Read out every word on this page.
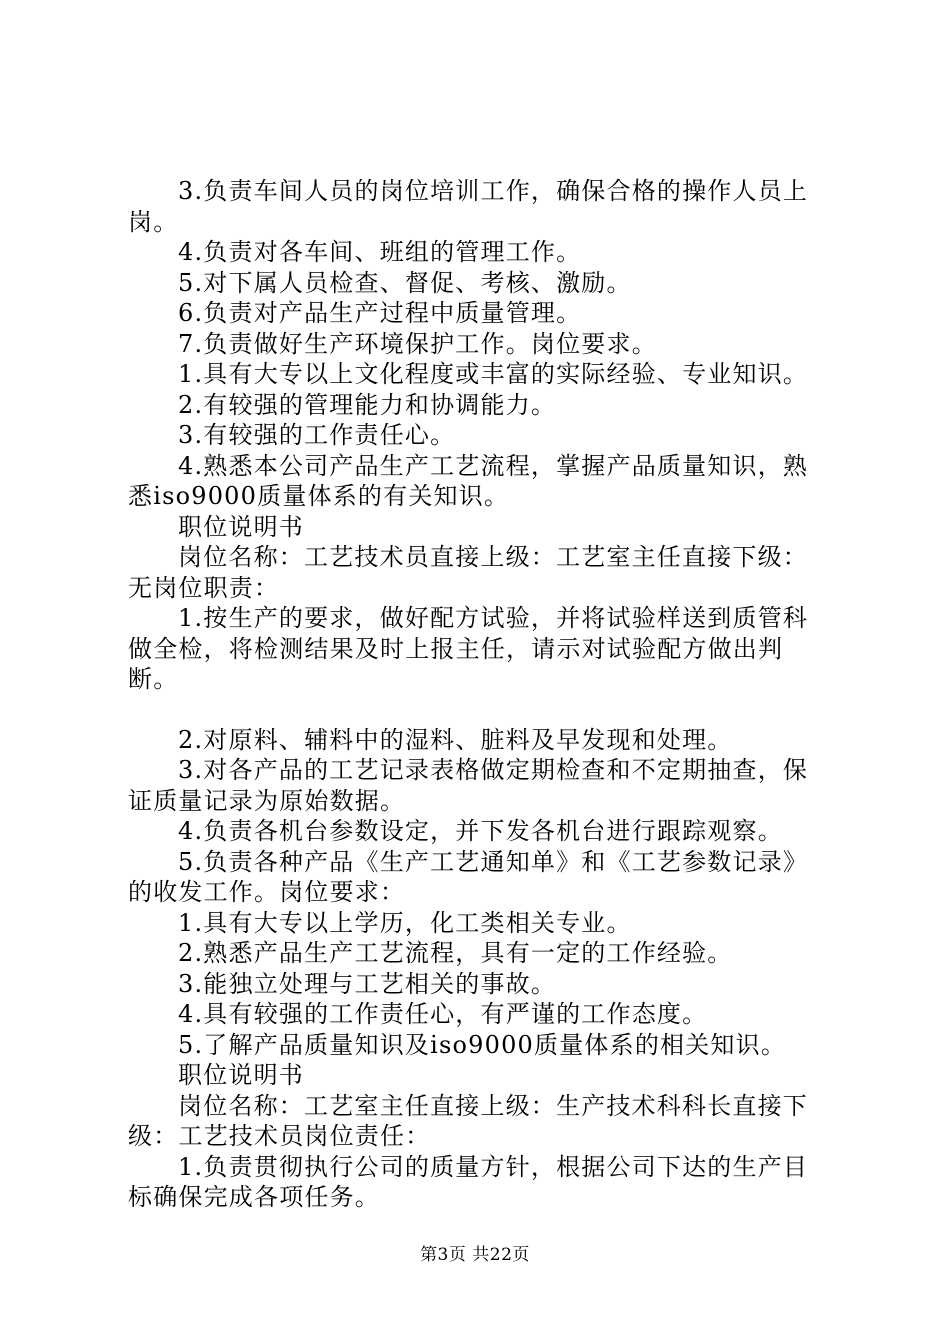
3.负责车间人员的岗位培训工作，确保合格的操作人员上岗。

4.负责对各车间、班组的管理工作。

5.对下属人员检查、督促、考核、激励。

6.负责对产品生产过程中质量管理。

7.负责做好生产环境保护工作。岗位要求。

1.具有大专以上文化程度或丰富的实际经验、专业知识。

2.有较强的管理能力和协调能力。

3.有较强的工作责任心。

4.熟悉本公司产品生产工艺流程，掌握产品质量知识，熟悉iso9000质量体系的有关知识。

职位说明书

岗位名称：工艺技术员直接上级：工艺室主任直接下级：无岗位职责：

1.按生产的要求，做好配方试验，并将试验样送到质管科做全检，将检测结果及时上报主任，请示对试验配方做出判断。

2.对原料、辅料中的湿料、脏料及早发现和处理。

3.对各产品的工艺记录表格做定期检查和不定期抽查，保证质量记录为原始数据。

4.负责各机台参数设定，并下发各机台进行跟踪观察。

5.负责各种产品《生产工艺通知单》和《工艺参数记录》的收发工作。岗位要求：

1.具有大专以上学历，化工类相关专业。

2.熟悉产品生产工艺流程，具有一定的工作经验。

3.能独立处理与工艺相关的事故。

4.具有较强的工作责任心，有严谨的工作态度。

5.了解产品质量知识及iso9000质量体系的相关知识。

职位说明书

岗位名称：工艺室主任直接上级：生产技术科科长直接下级：工艺技术员岗位责任：

1.负责贯彻执行公司的质量方针，根据公司下达的生产目标确保完成各项任务。

第3页 共22页
